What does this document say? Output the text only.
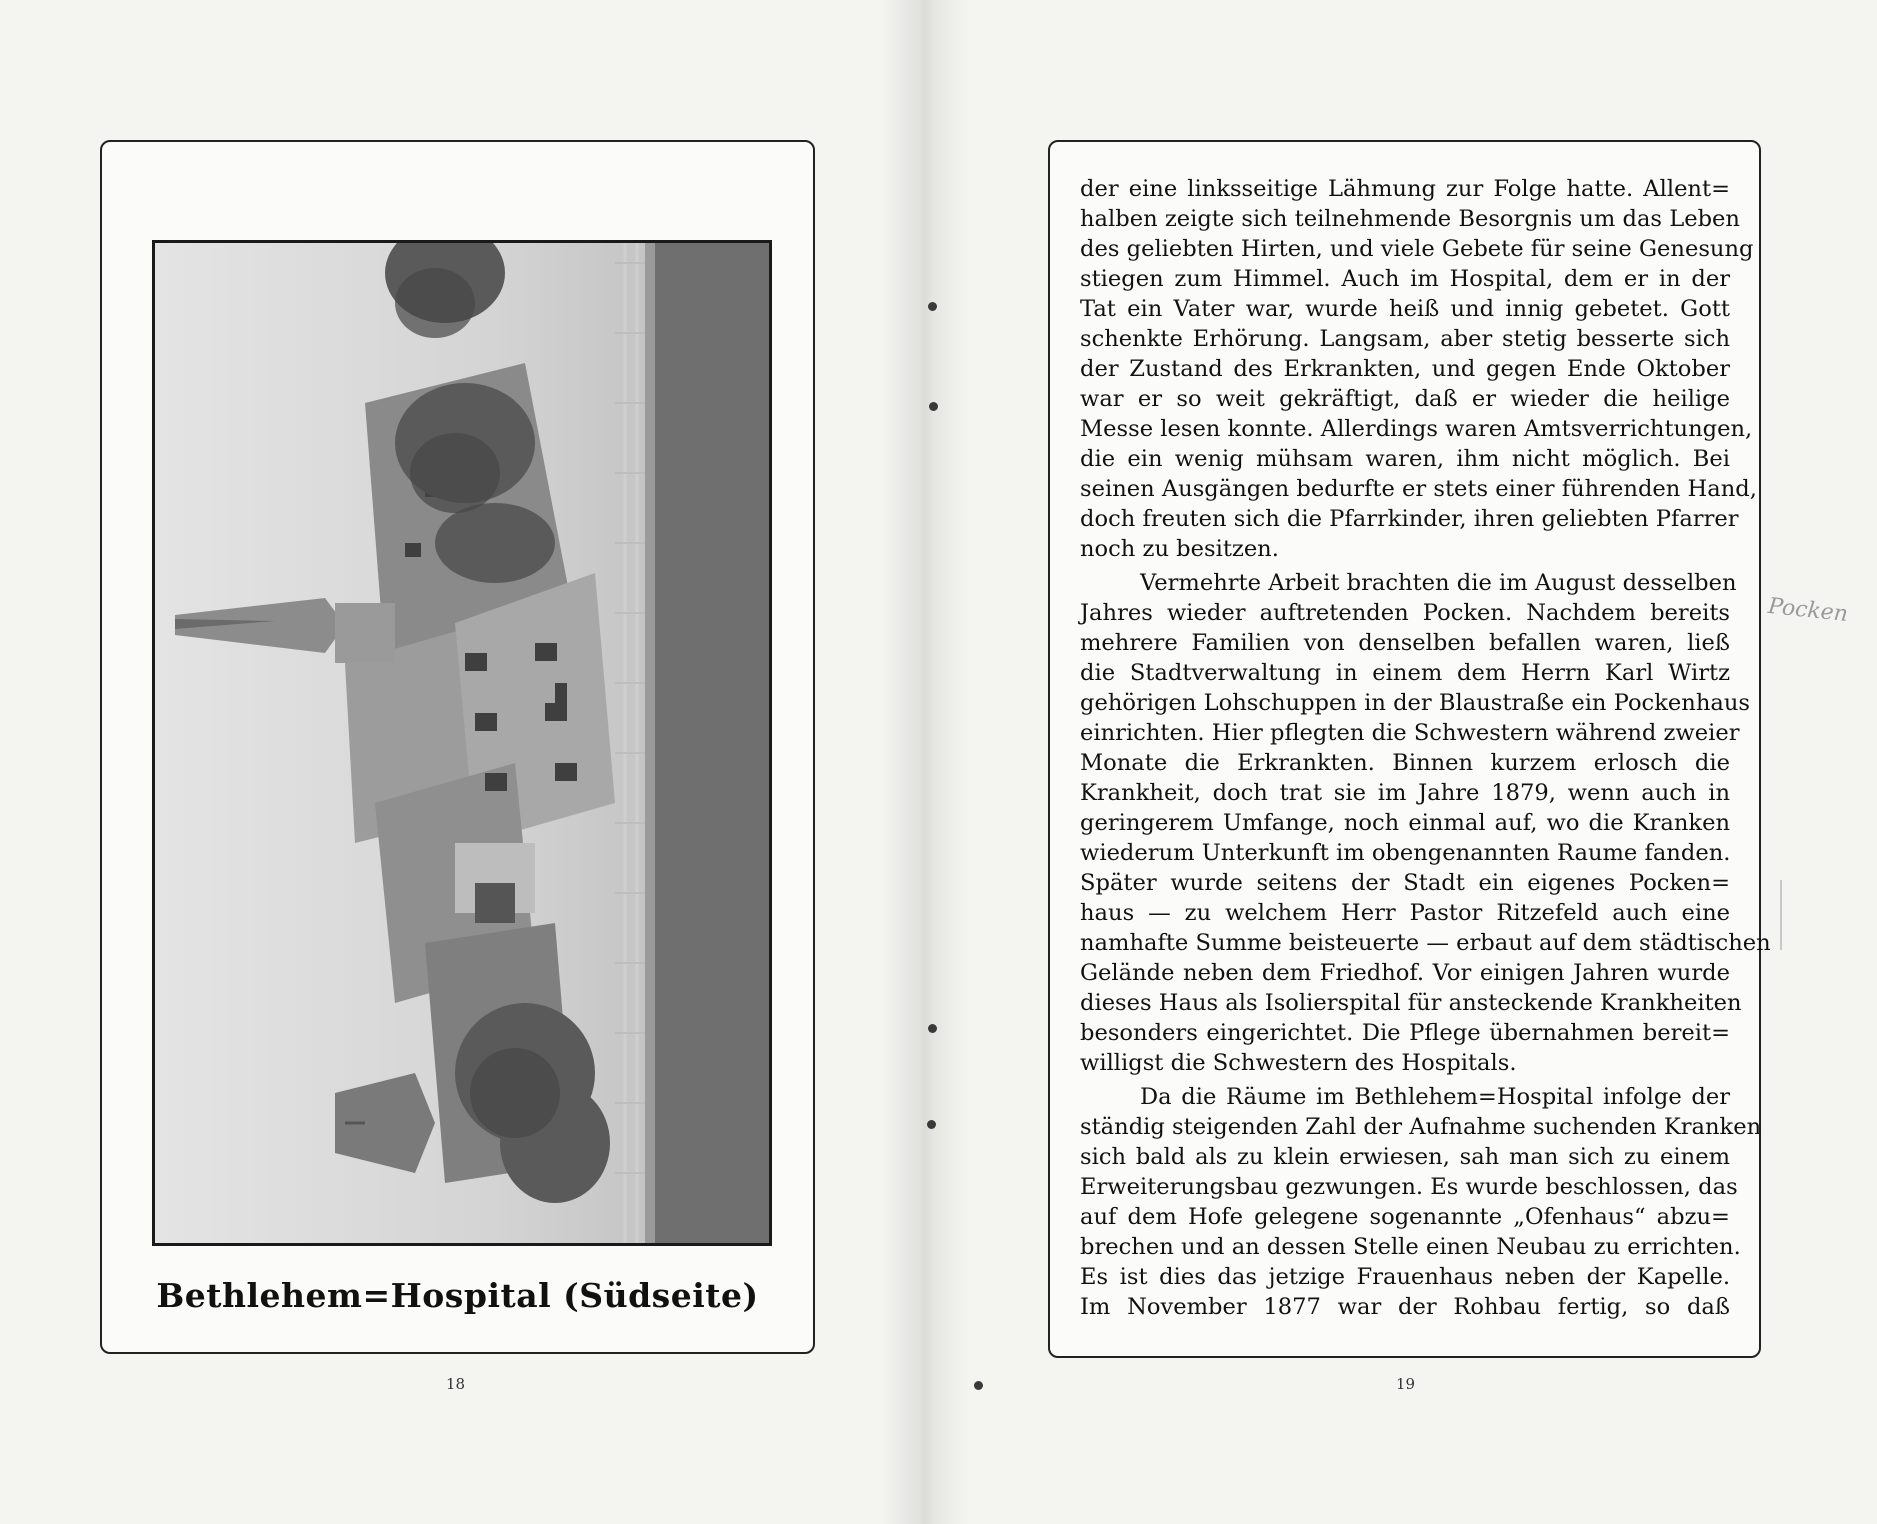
Bethlehem=Hospital (Südseite)
18

der eine linksseitige Lähmung zur Folge hatte. Allent=
halben zeigte sich teilnehmende Besorgnis um das Leben
des geliebten Hirten, und viele Gebete für seine Genesung
stiegen zum Himmel. Auch im Hospital, dem er in der
Tat ein Vater war, wurde heiß und innig gebetet. Gott
schenkte Erhörung. Langsam, aber stetig besserte sich
der Zustand des Erkrankten, und gegen Ende Oktober
war er so weit gekräftigt, daß er wieder die heilige
Messe lesen konnte. Allerdings waren Amtsverrichtungen,
die ein wenig mühsam waren, ihm nicht möglich. Bei
seinen Ausgängen bedurfte er stets einer führenden Hand,
doch freuten sich die Pfarrkinder, ihren geliebten Pfarrer
noch zu besitzen.

Vermehrte Arbeit brachten die im August desselben
Jahres wieder auftretenden Pocken. Nachdem bereits
mehrere Familien von denselben befallen waren, ließ
die Stadtverwaltung in einem dem Herrn Karl Wirtz
gehörigen Lohschuppen in der Blaustraße ein Pockenhaus
einrichten. Hier pflegten die Schwestern während zweier
Monate die Erkrankten. Binnen kurzem erlosch die
Krankheit, doch trat sie im Jahre 1879, wenn auch in
geringerem Umfange, noch einmal auf, wo die Kranken
wiederum Unterkunft im obengenannten Raume fanden.
Später wurde seitens der Stadt ein eigenes Pocken=
haus — zu welchem Herr Pastor Ritzefeld auch eine
namhafte Summe beisteuerte — erbaut auf dem städtischen
Gelände neben dem Friedhof. Vor einigen Jahren wurde
dieses Haus als Isolierspital für ansteckende Krankheiten
besonders eingerichtet. Die Pflege übernahmen bereit=
willigst die Schwestern des Hospitals.

Da die Räume im Bethlehem=Hospital infolge der
ständig steigenden Zahl der Aufnahme suchenden Kranken
sich bald als zu klein erwiesen, sah man sich zu einem
Erweiterungsbau gezwungen. Es wurde beschlossen, das
auf dem Hofe gelegene sogenannte „Ofenhaus“ abzu=
brechen und an dessen Stelle einen Neubau zu errichten.
Es ist dies das jetzige Frauenhaus neben der Kapelle.
Im November 1877 war der Rohbau fertig, so daß

19
Pocken
